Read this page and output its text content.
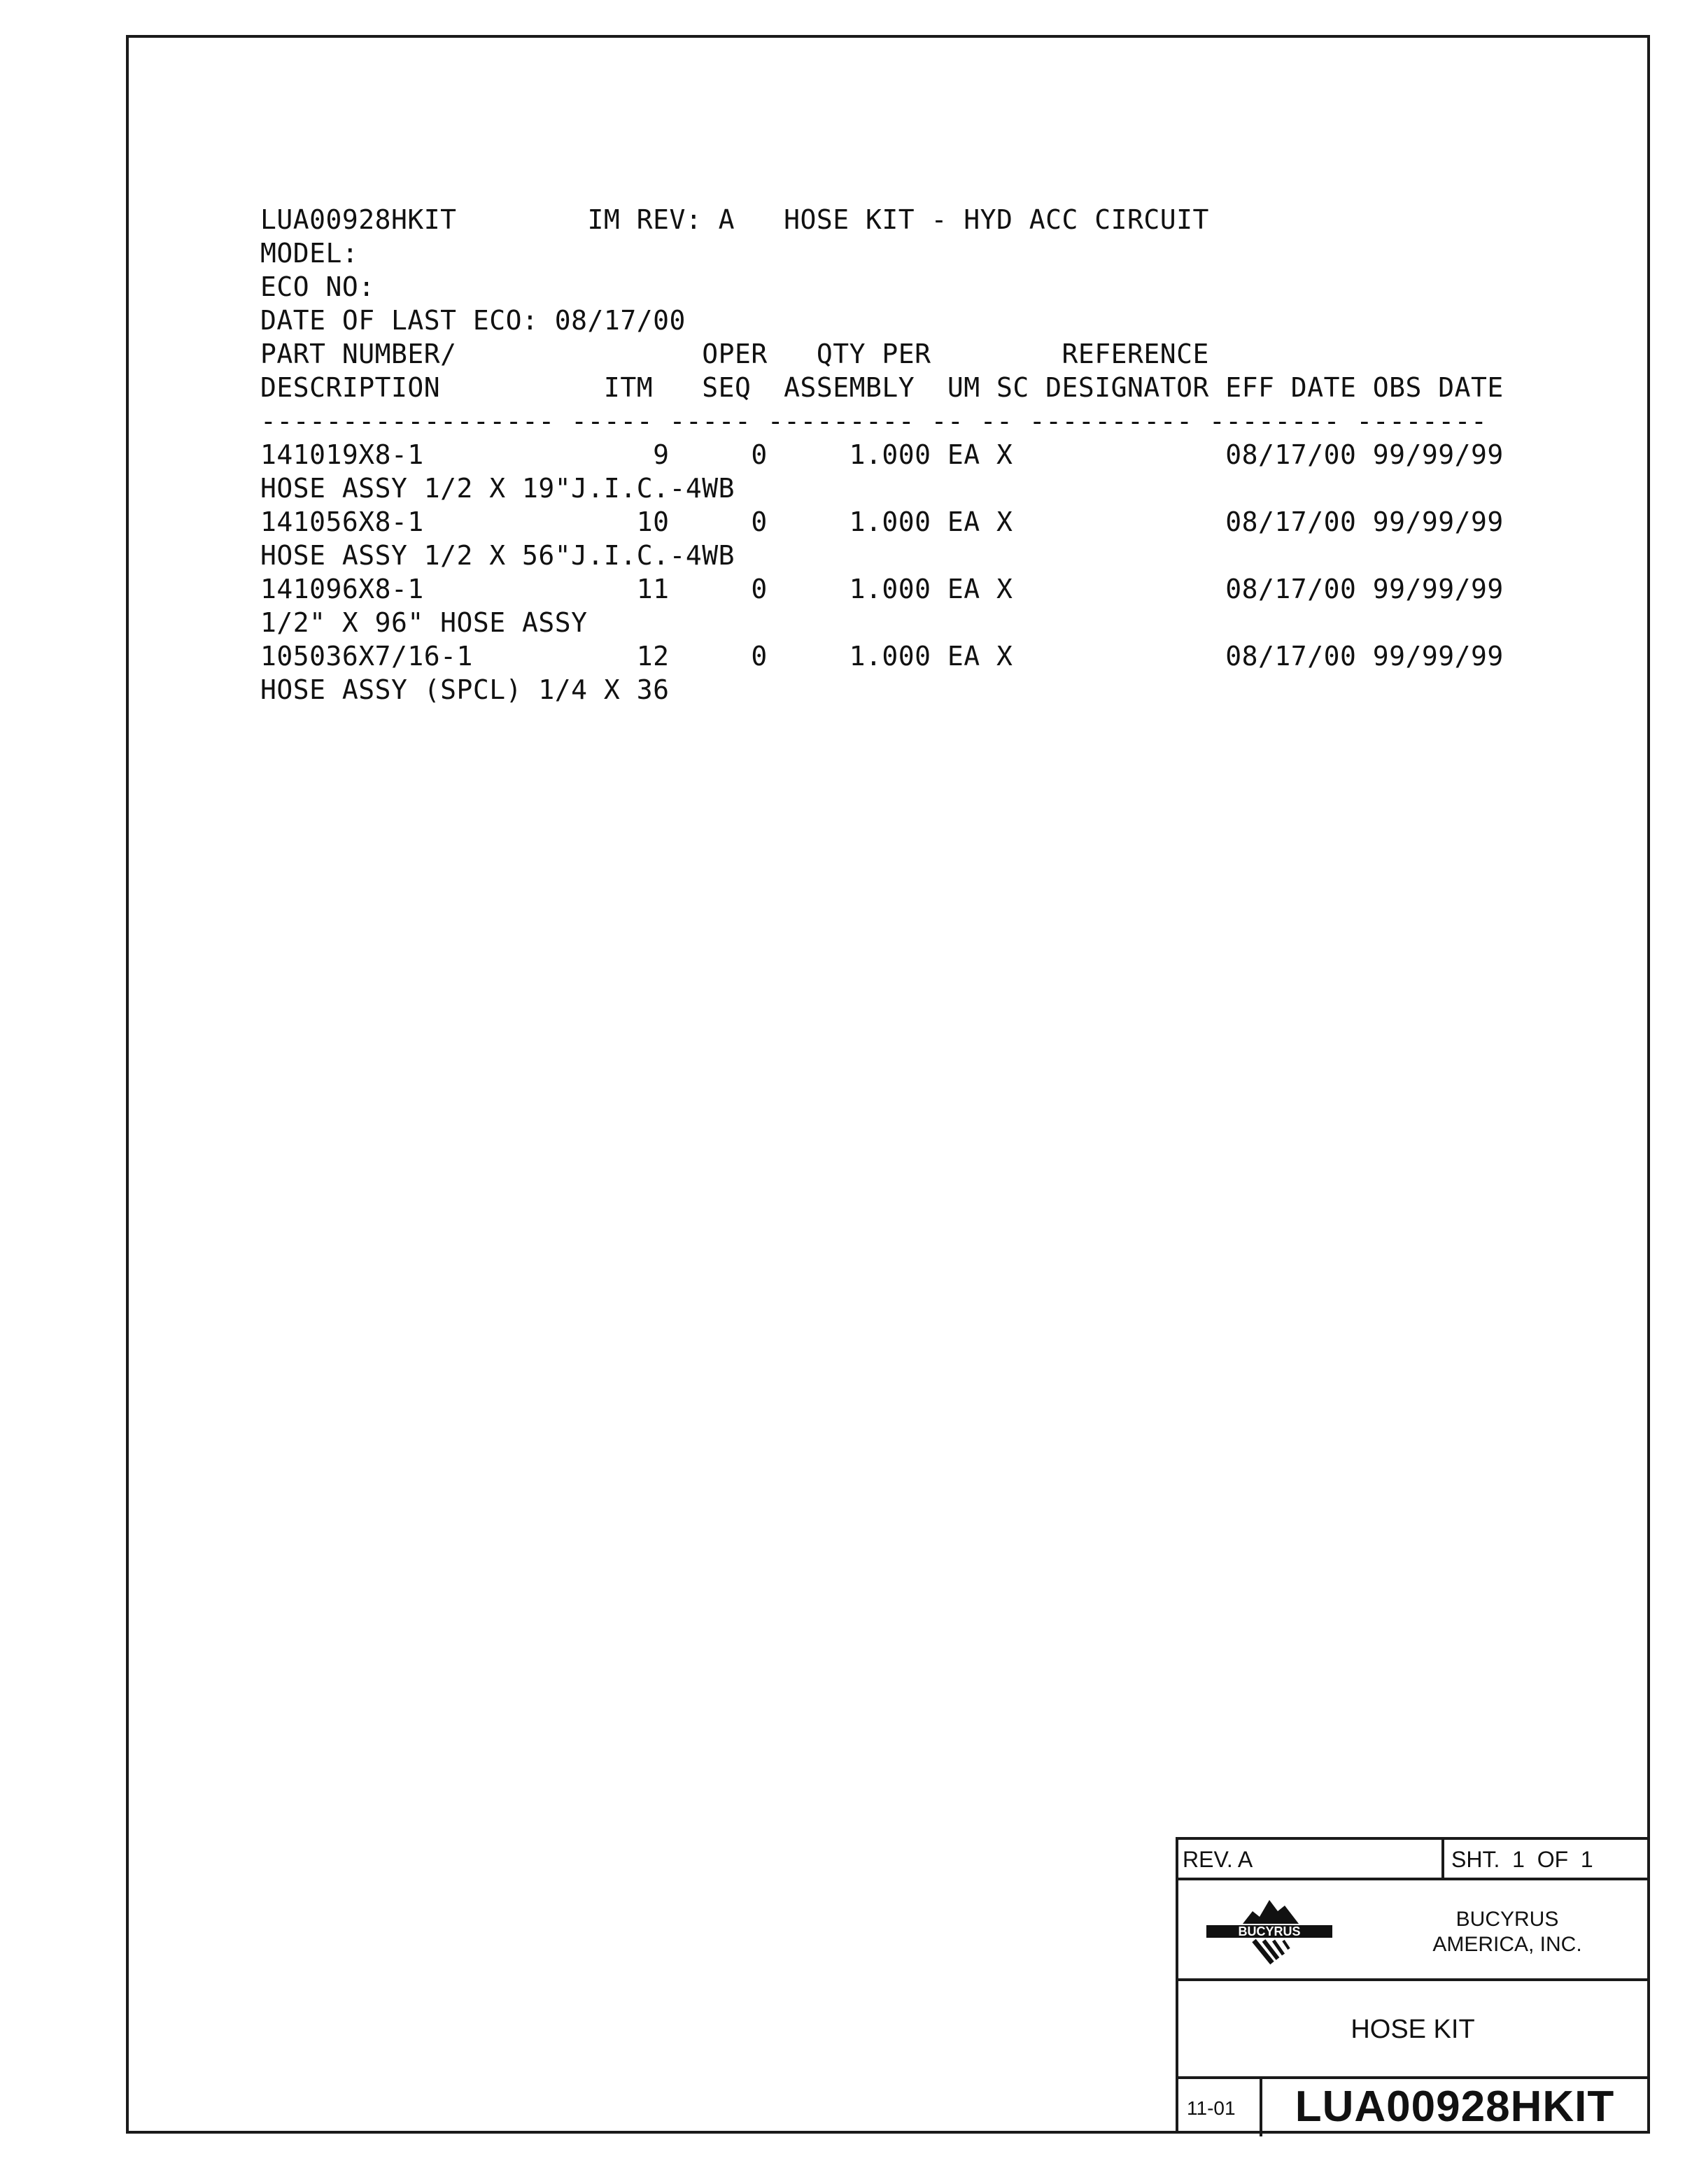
LUA00928HKIT        IM REV: A   HOSE KIT - HYD ACC CIRCUIT
MODEL:
ECO NO:
DATE OF LAST ECO: 08/17/00
PART NUMBER/               OPER   QTY PER        REFERENCE
DESCRIPTION          ITM   SEQ  ASSEMBLY  UM SC DESIGNATOR EFF DATE OBS DATE
------------------ ----- ----- --------- -- -- ---------- -------- --------
141019X8-1              9     0     1.000 EA X             08/17/00 99/99/99
HOSE ASSY 1/2 X 19"J.I.C.-4WB
141056X8-1             10     0     1.000 EA X             08/17/00 99/99/99
HOSE ASSY 1/2 X 56"J.I.C.-4WB
141096X8-1             11     0     1.000 EA X             08/17/00 99/99/99
1/2" X 96" HOSE ASSY
105036X7/16-1          12     0     1.000 EA X             08/17/00 99/99/99
HOSE ASSY (SPCL) 1/4 X 36
REV. A	SHT.  1  OF  1
BUCYRUS
BUCYRUS
AMERICA, INC.
HOSE KIT
11-01	LUA00928HKIT
